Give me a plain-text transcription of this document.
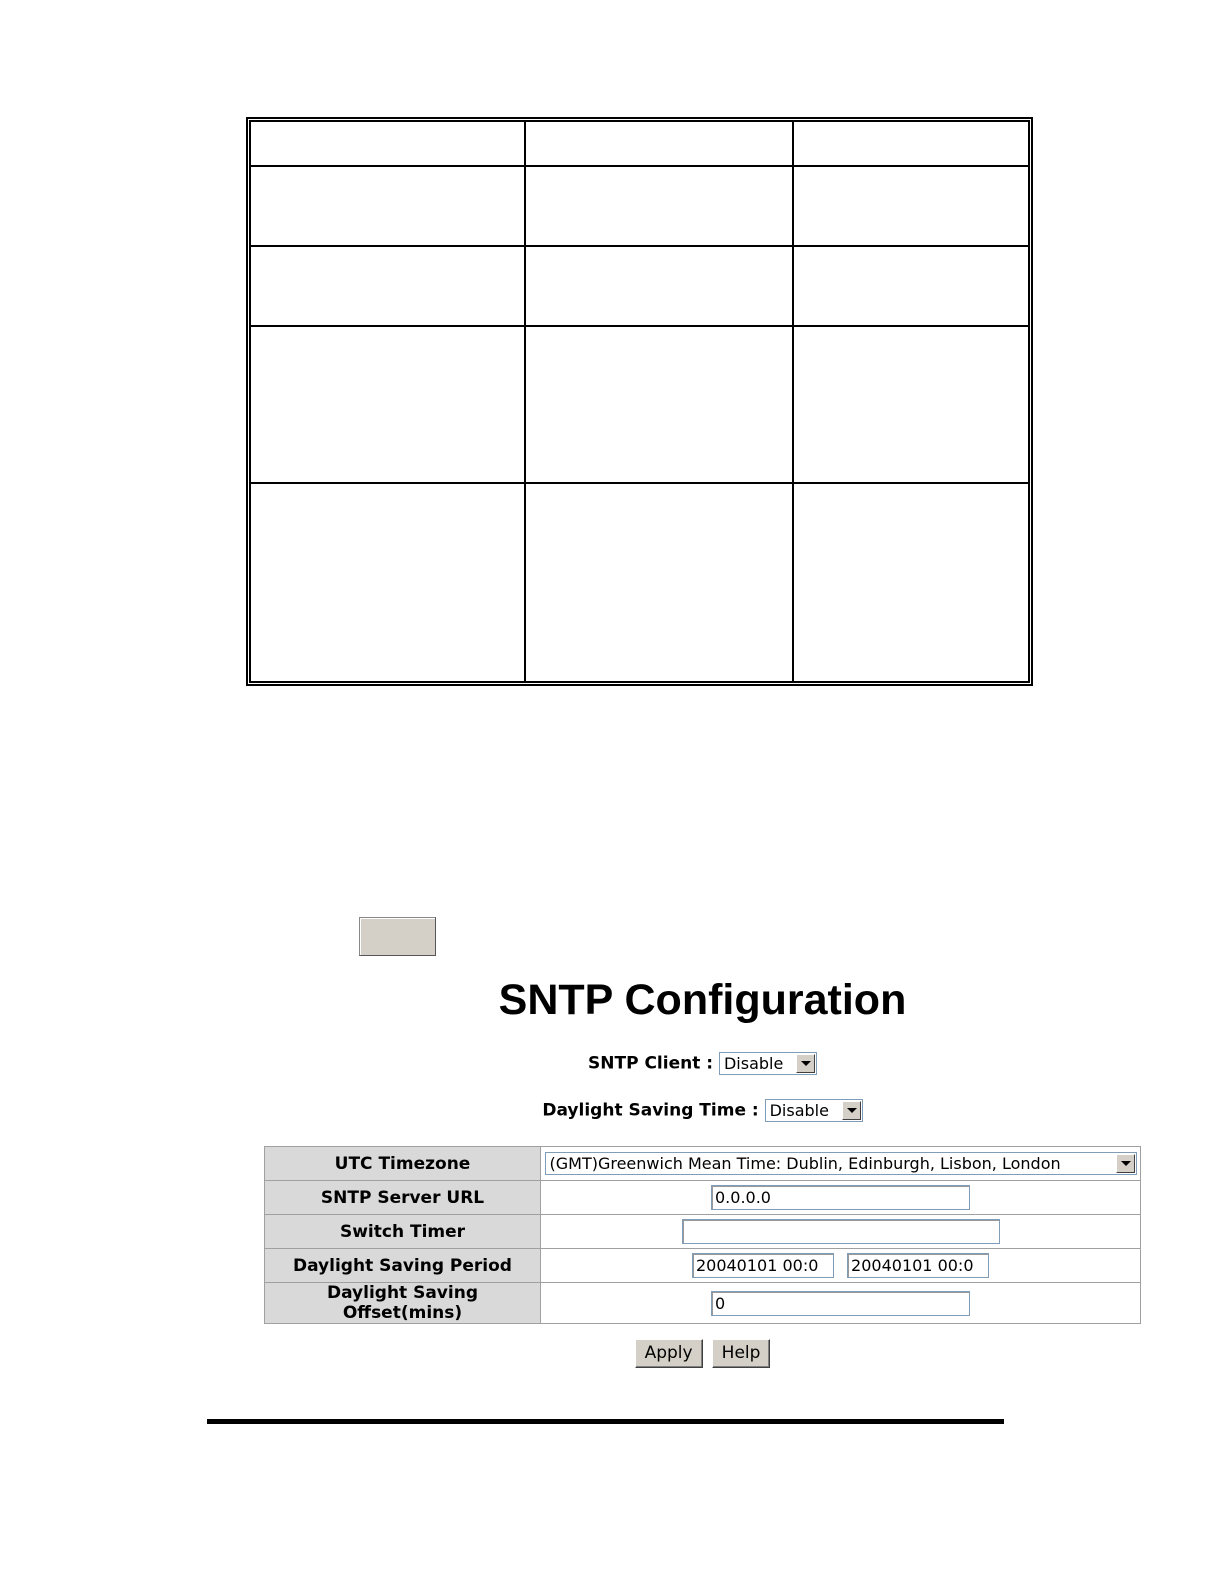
SNTP Configuration
SNTP Client : Disable
Daylight Saving Time : Disable
UTC Timezone	(GMT)Greenwich Mean Time: Dublin, Edinburgh, Lisbon, London

SNTP Server URL	0.0.0.0
Switch Timer	
Daylight Saving Period	20040101 00:0 20040101 00:0
Daylight Saving Offset(mins)	0
Apply Help
